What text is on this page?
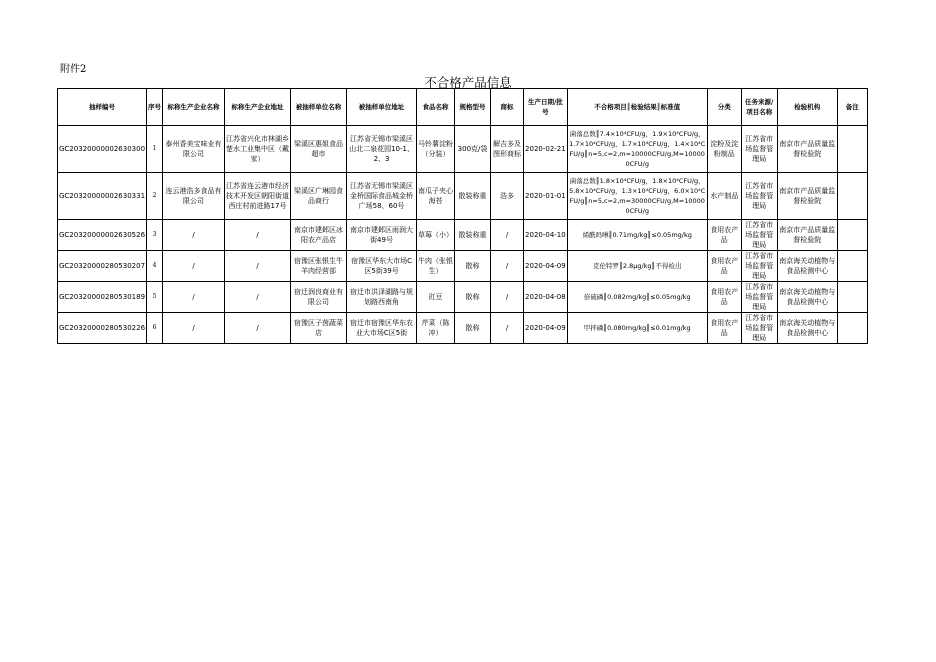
附件2
不合格产品信息
抽样编号	序号	标称生产企业名称	标称生产企业地址	被抽样单位名称	被抽样单位地址	食品名称	规格型号	商标	生产日期/批号	不合格项目║检验结果║标准值	分类	任务来源/项目名称	检验机构	备注
GC20320000002630300	1	泰州香美宝味业有限公司	江苏省兴化市林湖乡楚水工业集中区（戴家）	梁溪区惠姐食品超市	江苏省无锡市梁溪区山北二泉花园10-1、2、3	马铃薯淀粉（分装）	300克/袋	解吉多及图形商标	2020-02-21	菌落总数║7.4×10⁴CFU/g，1.9×10⁴CFU/g，1.7×10⁴CFU/g，1.7×10⁴CFU/g，1.4×10⁴CFU/g║n=5,c=2,m=10000CFU/g,M=100000CFU/g	淀粉及淀粉制品	江苏省市场监督管理局	南京市产品质量监督检验院	
GC20320000002630331	2	连云港浩多食品有限公司	江苏省连云港市经济技术开发区朝阳街道西庄村前进路17号	梁溪区广琳园食品商行	江苏省无锡市梁溪区金桥国际食品城金桥广场58、60号	南瓜子夹心海苔	散装称重	浩多	2020-01-01	菌落总数║1.8×10⁴CFU/g，1.8×10⁴CFU/g，5.8×10⁴CFU/g，1.3×10⁴CFU/g，6.0×10⁴CFU/g║n=5,c=2,m=30000CFU/g,M=100000CFU/g	水产制品	江苏省市场监督管理局	南京市产品质量监督检验院	
GC20320000002630526	3	/	/	南京市建邺区冰阳农产品店	南京市建邺区雨润大街49号	草莓（小）	散装称重	/	2020-04-10	烯酰吗啉║0.71mg/kg║≤0.05mg/kg	食用农产品	江苏省市场监督管理局	南京市产品质量监督检验院	
GC20320000280530207	4	/	/	宿豫区张银生牛羊肉经营部	宿豫区华东大市场C区5街39号	牛肉（张银生）	散称	/	2020-04-09	克伦特罗║2.8μg/kg║不得检出	食用农产品	江苏省市场监督管理局	南京海关动植物与食品检测中心	
GC20320000280530189	5	/	/	宿迁润良商业有限公司	宿迁市洪泽湖路与规划路西南角	豇豆	散称	/	2020-04-08	倍硫磷║0.082mg/kg║≤0.05mg/kg	食用农产品	江苏省市场监督管理局	南京海关动植物与食品检测中心	
GC20320000280530226	6	/	/	宿豫区子茵蔬菜店	宿迁市宿豫区华东农业大市场C区5街	芹菜（陈冲）	散称	/	2020-04-09	甲拌磷║0.080mg/kg║≤0.01mg/kg	食用农产品	江苏省市场监督管理局	南京海关动植物与食品检测中心	
